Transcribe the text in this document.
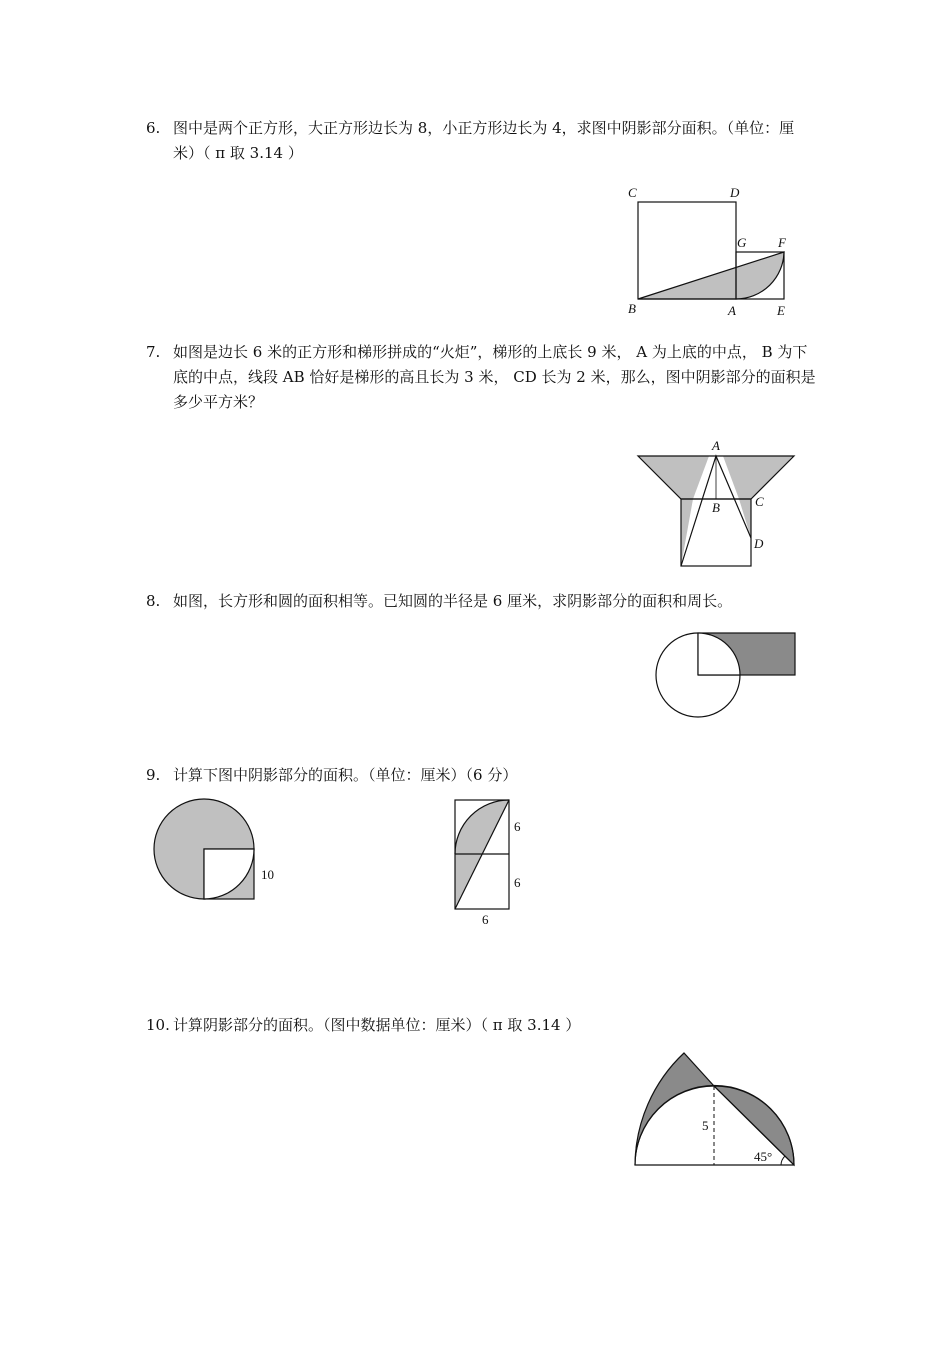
6. 图中是两个正方形，大正方形边长为 8，小正方形边长为 4，求图中阴影部分面积。（单位：厘米）（ π 取 3.14 ）
C	D
G F
B	A	E
7. 如图是边长 6 米的正方形和梯形拼成的“火炬”，梯形的上底长 9 米， A 为上底的中点， B 为下底的中点，线段 AB 恰好是梯形的高且长为 3 米， CD 长为 2 米，那么，图中阴影部分的面积是多少平方米？
A
B	C
D
8. 如图，长方形和圆的面积相等。已知圆的半径是 6 厘米，求阴影部分的面积和周长。
9. 计算下图中阴影部分的面积。（单位：厘米）（6 分）
10
6
6
6
10. 计算阴影部分的面积。（图中数据单位：厘米）（ π 取 3.14 ）
5
45°
